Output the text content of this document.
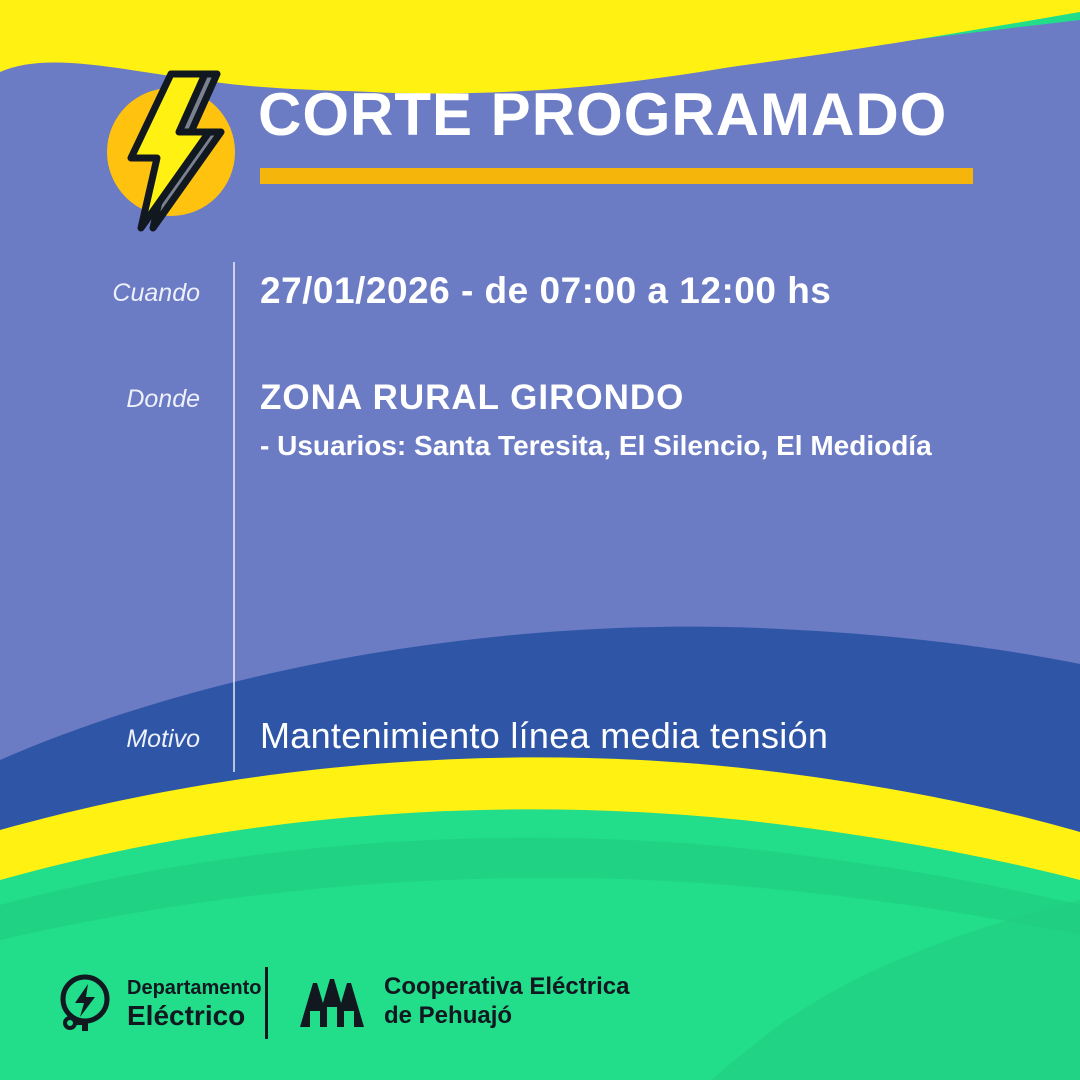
CORTE PROGRAMADO
Cuando 27/01/2026 - de 07:00 a 12:00 hs
Donde ZONA RURAL GIRONDO
- Usuarios: Santa Teresita, El Silencio, El Mediodía
Motivo Mantenimiento línea media tensión
Departamento
Eléctrico
Cooperativa Eléctrica
de Pehuajó
